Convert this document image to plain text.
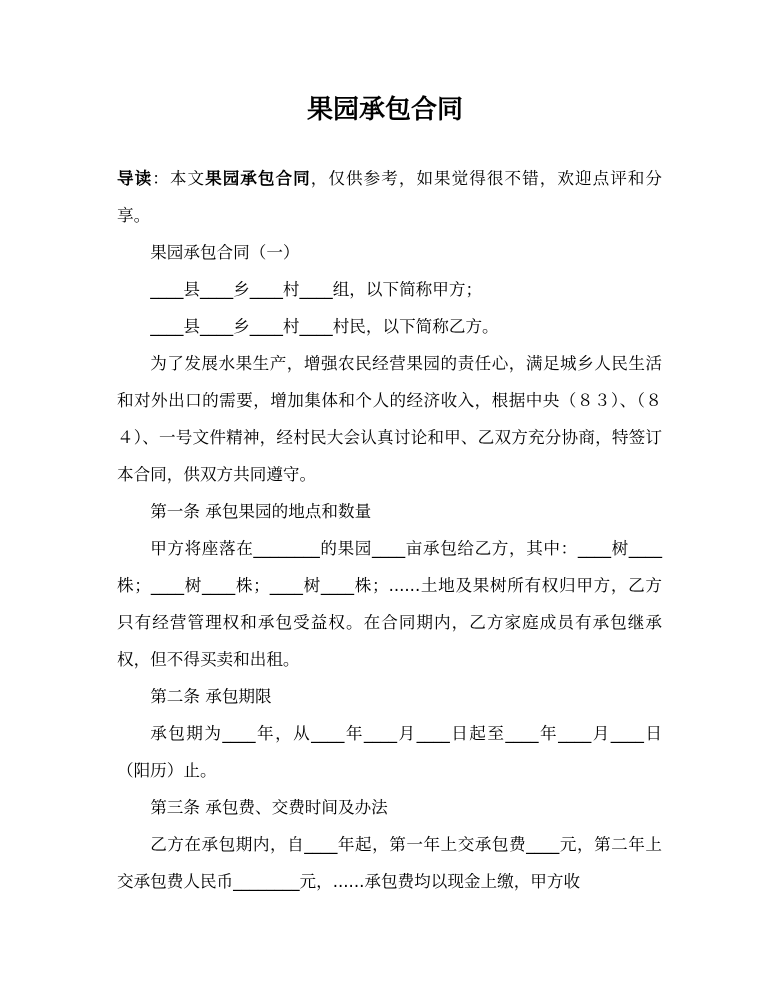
果园承包合同

导读：本文果园承包合同，仅供参考，如果觉得很不错，欢迎点评和分享。

果园承包合同（一）

____县____乡____村____组，以下简称甲方；

____县____乡____村____村民，以下简称乙方。

为了发展水果生产，增强农民经营果园的责任心，满足城乡人民生活和对外出口的需要，增加集体和个人的经济收入，根据中央（８３）、（８４）、一号文件精神，经村民大会认真讨论和甲、乙双方充分协商，特签订本合同，供双方共同遵守。

第一条 承包果园的地点和数量

甲方将座落在________的果园____亩承包给乙方，其中：____树____株；____树____株；____树____株；......土地及果树所有权归甲方，乙方只有经营管理权和承包受益权。在合同期内，乙方家庭成员有承包继承权，但不得买卖和出租。

第二条 承包期限

承包期为____年，从____年____月____日起至____年____月____日（阳历）止。

第三条 承包费、交费时间及办法

乙方在承包期内，自____年起，第一年上交承包费____元，第二年上交承包费人民币________元，......承包费均以现金上缴，甲方收
